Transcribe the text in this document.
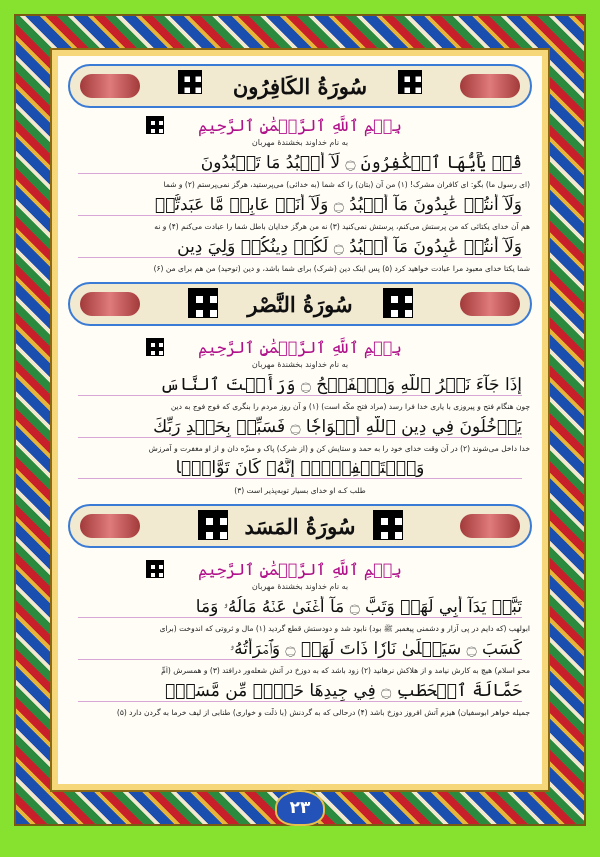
سُورَةُ الكَافِرُون
بِسۡمِ ٱللَّهِ ٱلرَّحۡمَٰنِ ٱلرَّحِيمِ
به نام خداوند بخشندهٔ مهربان
قُلۡ يَٰٓأَيُّهَا ٱلۡكَٰفِرُونَ ۝ لَآ أَعۡبُدُ مَا تَعۡبُدُونَ
(ای رسول ما) بگو: ای کافران مشرک! (۱) من آن (بتان) را که شما (به خدائی) می‌پرستید، هرگز نمی‌پرستم (۲) و شما
وَلَآ أَنتُمۡ عَٰبِدُونَ مَآ أَعۡبُدُ ۝ وَلَآ أَنَا۠ عَابِدٞ مَّا عَبَدتُّمۡ
هم آن خدای یکتائی که من پرستش می‌کنم، پرستش نمی‌کنید (۳) نه من هرگز خدایان باطل شما را عبادت می‌کنم (۴) و نه
وَلَآ أَنتُمۡ عَٰبِدُونَ مَآ أَعۡبُدُ ۝ لَكُمۡ دِينُكُمۡ وَلِيَ دِينِ
شما یکتا خدای معبود مرا عبادت خواهید کرد (۵) پس اینک دین (شرک) برای شما باشد، و دین (توحید) من هم برای من (۶)
سُورَةُ النَّصْر
بِسۡمِ ٱللَّهِ ٱلرَّحۡمَٰنِ ٱلرَّحِيمِ
به نام خداوند بخشندهٔ مهربان
إِذَا جَآءَ نَصۡرُ ٱللَّهِ وَٱلۡفَتۡحُ ۝ وَرَأَيۡتَ ٱلنَّاسَ
چون هنگام فتح و پیروزی با یاری خدا فرا رسد (مراد فتح مکّه است) (۱) و آن روز مردم را بنگری که فوج فوج به دین
يَدۡخُلُونَ فِي دِينِ ٱللَّهِ أَفۡوَاجٗا ۝ فَسَبِّحۡ بِحَمۡدِ رَبِّكَ
خدا داخل می‌شوند (۲) در آن وقت خدای خود را به حمد و ستایش کن و (از شرک) پاک و منزّه دان و از او مغفرت و آمرزش
وَٱسۡتَغۡفِرۡهُۚ إِنَّهُۥ كَانَ تَوَّابَۢا
طلب کـه او خدای بسیار توبه‌پذیر است (۳)
سُورَةُ المَسَد
بِسۡمِ ٱللَّهِ ٱلرَّحۡمَٰنِ ٱلرَّحِيمِ
به نام خداوند بخشندهٔ مهربان
تَبَّتۡ يَدَآ أَبِي لَهَبٖ وَتَبَّ ۝ مَآ أَغۡنَىٰ عَنۡهُ مَالُهُۥ وَمَا
ابولهب (که دایم در پی آزار و دشمنی پیغمبر ﷺ بود) نابود شد و دودستش قطع گردید (۱) مال و ثروتی که اندوخت (برای
كَسَبَ ۝ سَيَصۡلَىٰ نَارٗا ذَاتَ لَهَبٖ ۝ وَٱمۡرَأَتُهُۥ
محو اسلام) هیچ به کارش نیامد و از هلاکش نرهانید (۲) زود باشد که به دوزخ در آتش شعله‌ور درافتد (۳) و همسرش (اُمِّ
حَمَّالَةَ ٱلۡحَطَبِ ۝ فِي جِيدِهَا حَبۡلٞ مِّن مَّسَدِۭ
جمیله خواهر ابوسفیان) هیزم آتش افروز دوزخ باشد (۴) درحالی که به گردنش (با ذلّت و خواری) طنابی از لیف خرما به گردن دارد (۵)
۲۳
